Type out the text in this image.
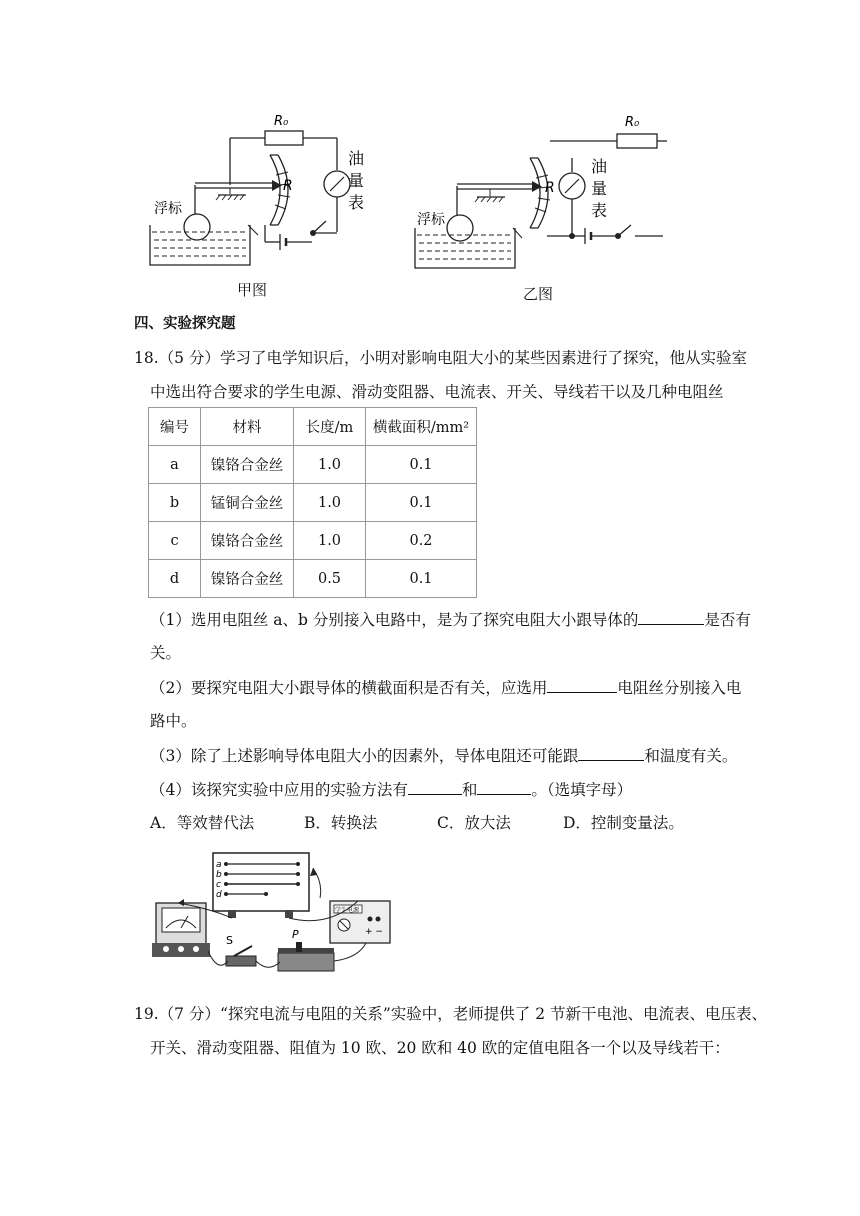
R₀
R
浮标
油
量
表
甲图
R₀
R
浮标
油
量
表
乙图
四、实验探究题
18.（5 分）学习了电学知识后，小明对影响电阻大小的某些因素进行了探究，他从实验室
中选出符合要求的学生电源、滑动变阻器、电流表、开关、导线若干以及几种电阻丝
编号	材料	长度/m	横截面积/mm²
a	镍铬合金丝	1.0	0.1
b	锰铜合金丝	1.0	0.1
c	镍铬合金丝	1.0	0.2
d	镍铬合金丝	0.5	0.1
（1）选用电阻丝 a、b 分别接入电路中，是为了探究电阻大小跟导体的	是否有
关。
（2）要探究电阻大小跟导体的横截面积是否有关，应选用	电阻丝分别接入电
路中。
（3）除了上述影响导体电阻大小的因素外，导体电阻还可能跟	和温度有关。
（4）该探究实验中应用的实验方法有	和	。（选填字母）
A．等效替代法	B．转换法	C．放大法	D．控制变量法。
a
b
c
d
学生电源
+ −
P
S
19.（7 分）“探究电流与电阻的关系”实验中，老师提供了 2 节新干电池、电流表、电压表、
开关、滑动变阻器、阻值为 10 欧、20 欧和 40 欧的定值电阻各一个以及导线若干：
